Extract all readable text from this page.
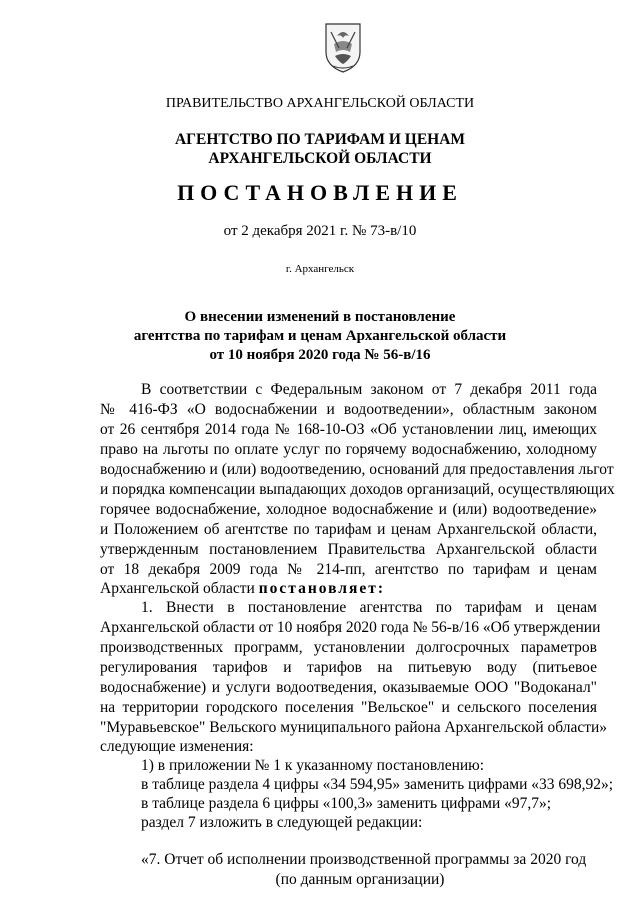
ПРАВИТЕЛЬСТВО АРХАНГЕЛЬСКОЙ ОБЛАСТИ
АГЕНТСТВО ПО ТАРИФАМ И ЦЕНАМ
АРХАНГЕЛЬСКОЙ ОБЛАСТИ
ПОСТАНОВЛЕНИЕ
от 2 декабря 2021 г. № 73-в/10
г. Архангельск
О внесении изменений в постановление
агентства по тарифам и ценам Архангельской области
от 10 ноября 2020 года № 56-в/16
В соответствии с Федеральным законом от 7 декабря 2011 года
№ 416-ФЗ «О водоснабжении и водоотведении», областным законом
от 26 сентября 2014 года № 168-10-ОЗ «Об установлении лиц, имеющих
право на льготы по оплате услуг по горячему водоснабжению, холодному
водоснабжению и (или) водоотведению, оснований для предоставления льгот
и порядка компенсации выпадающих доходов организаций, осуществляющих
горячее водоснабжение, холодное водоснабжение и (или) водоотведение»
и Положением об агентстве по тарифам и ценам Архангельской области,
утвержденным постановлением Правительства Архангельской области
от 18 декабря 2009 года № 214-пп, агентство по тарифам и ценам
Архангельской области постановляет:
1. Внести в постановление агентства по тарифам и ценам
Архангельской области от 10 ноября 2020 года № 56-в/16 «Об утверждении
производственных программ, установлении долгосрочных параметров
регулирования тарифов и тарифов на питьевую воду (питьевое
водоснабжение) и услуги водоотведения, оказываемые ООО "Водоканал"
на территории городского поселения "Вельское" и сельского поселения
"Муравьевское" Вельского муниципального района Архангельской области»
следующие изменения:
1) в приложении № 1 к указанному постановлению:
в таблице раздела 4 цифры «34 594,95» заменить цифрами «33 698,92»;
в таблице раздела 6 цифры «100,3» заменить цифрами «97,7»;
раздел 7 изложить в следующей редакции:
«7. Отчет об исполнении производственной программы за 2020 год
(по данным организации)
